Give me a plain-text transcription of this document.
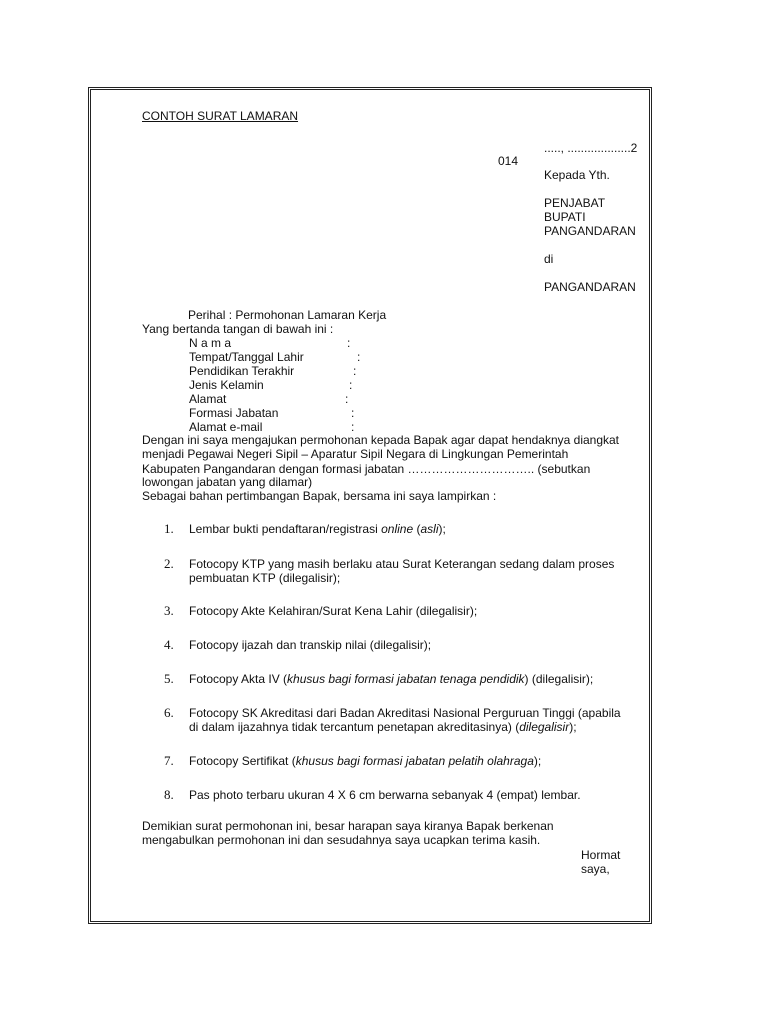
CONTOH SURAT LAMARAN
....., ...................2
014
Kepada Yth.
PENJABAT
BUPATI
PANGANDARAN
di
PANGANDARAN
Perihal : Permohonan Lamaran Kerja
Yang bertanda tangan di bawah ini :
N a m a	:
Tempat/Tanggal Lahir	:
Pendidikan Terakhir	:
Jenis Kelamin	:
Alamat	:
Formasi Jabatan	:
Alamat e-mail	:
Dengan ini saya mengajukan permohonan kepada Bapak agar dapat hendaknya diangkat
menjadi Pegawai Negeri Sipil – Aparatur Sipil Negara di Lingkungan Pemerintah
Kabupaten Pangandaran dengan formasi jabatan ………………………….. (sebutkan
lowongan jabatan yang dilamar)
Sebagai bahan pertimbangan Bapak, bersama ini saya lampirkan :
1.	Lembar bukti pendaftaran/registrasi online (asli);
2.	Fotocopy KTP yang masih berlaku atau Surat Keterangan sedang dalam proses
pembuatan KTP (dilegalisir);
3.	Fotocopy Akte Kelahiran/Surat Kena Lahir (dilegalisir);
4.	Fotocopy ijazah dan transkip nilai (dilegalisir);
5.	Fotocopy Akta IV (khusus bagi formasi jabatan tenaga pendidik) (dilegalisir);
6.	Fotocopy SK Akreditasi dari Badan Akreditasi Nasional Perguruan Tinggi (apabila
di dalam ijazahnya tidak tercantum penetapan akreditasinya) (dilegalisir);
7.	Fotocopy Sertifikat (khusus bagi formasi jabatan pelatih olahraga);
8.	Pas photo terbaru ukuran 4 X 6 cm berwarna sebanyak 4 (empat) lembar.
Demikian surat permohonan ini, besar harapan saya kiranya Bapak berkenan
mengabulkan permohonan ini dan sesudahnya saya ucapkan terima kasih.
Hormat
saya,
